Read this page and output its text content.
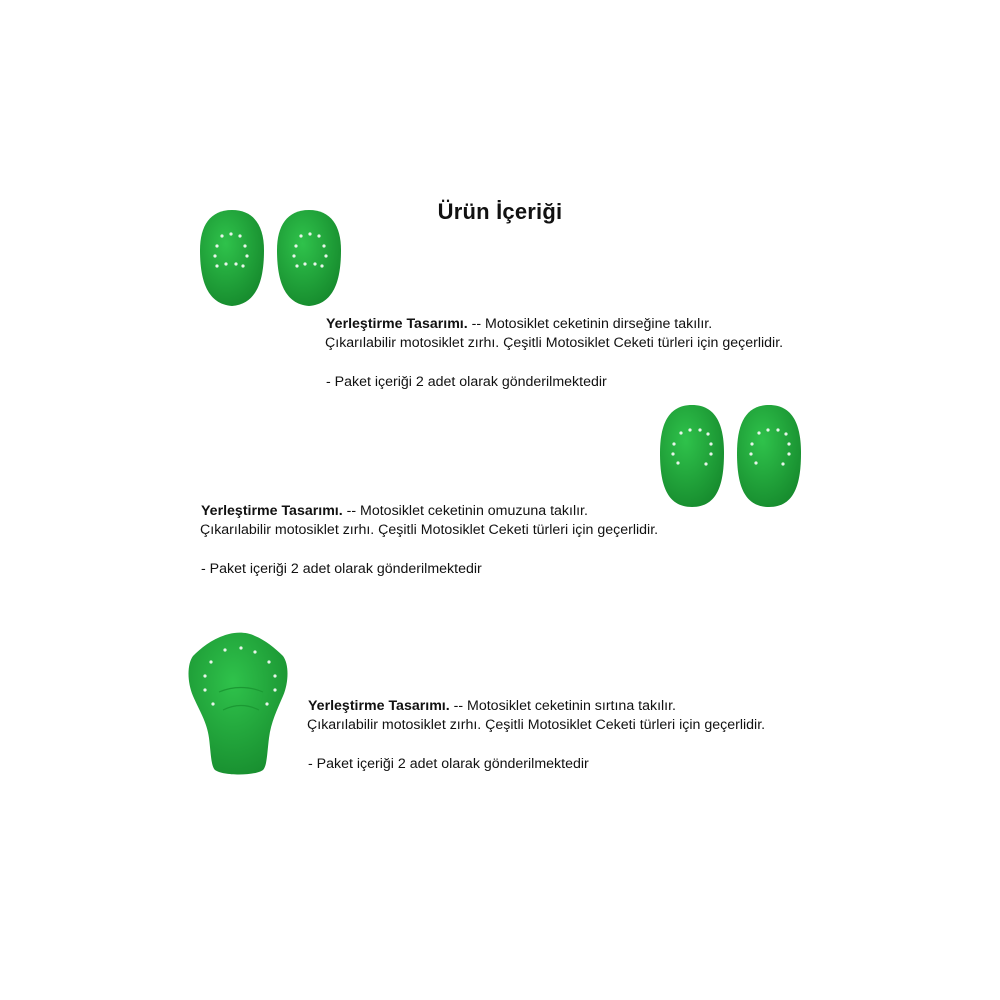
Ürün İçeriği
Yerleştirme Tasarımı. -- Motosiklet ceketinin dirseğine takılır.
Çıkarılabilir motosiklet zırhı. Çeşitli Motosiklet Ceketi türleri için geçerlidir.
- Paket içeriği 2 adet olarak gönderilmektedir
Yerleştirme Tasarımı. -- Motosiklet ceketinin omuzuna takılır.
Çıkarılabilir motosiklet zırhı. Çeşitli Motosiklet Ceketi türleri için geçerlidir.
- Paket içeriği 2 adet olarak gönderilmektedir
Yerleştirme Tasarımı. -- Motosiklet ceketinin sırtına takılır.
Çıkarılabilir motosiklet zırhı. Çeşitli Motosiklet Ceketi türleri için geçerlidir.
- Paket içeriği 2 adet olarak gönderilmektedir
